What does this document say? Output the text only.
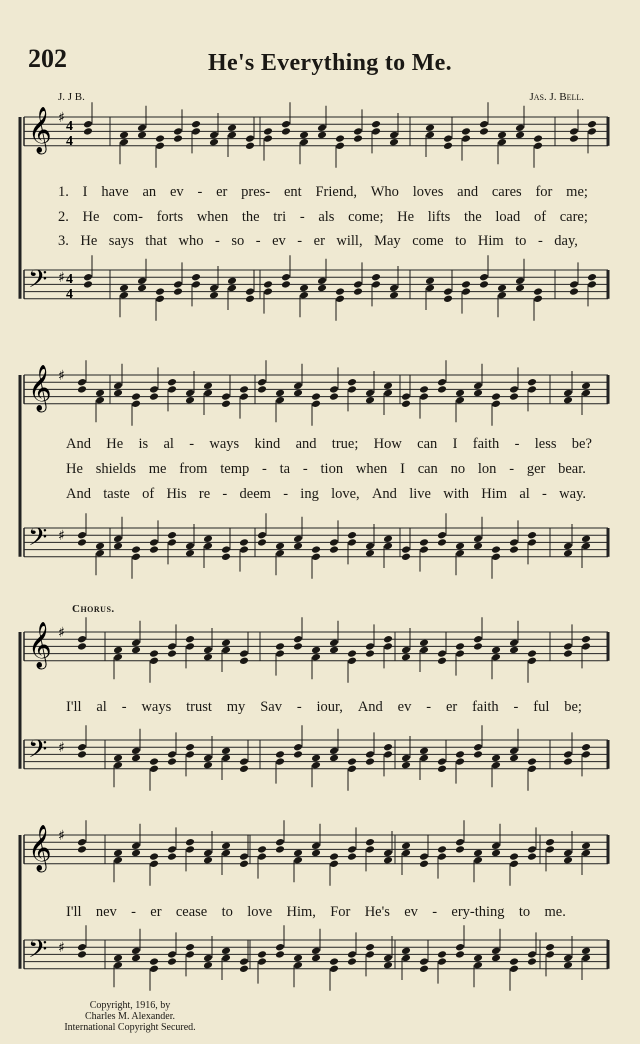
202	He's Everything to Me.
J. J B.	Jas. J. Bell.
𝄞 ♯
4
4
𝄢 ♯ 4
4
𝄞 ♯
𝄢 ♯
𝄞 ♯
𝄢 ♯
𝄞 ♯
𝄢 ♯
1. I have an ev - er pres- ent Friend, Who loves and cares for me;
2. He com- forts when the tri - als come; He lifts the load of care;
3. He says that who - so - ev - er will, May come to Him to - day,
And He is al - ways kind and true; How can I faith - less be?
He shields me from temp - ta - tion when I can no lon - ger bear.
And taste of His re - deem - ing love, And live with Him al - way.
Chorus.
I'll al - ways trust my Sav - iour, And ev - er faith - ful be;
I'll nev - er cease to love Him, For He's ev - ery-thing to me.
Copyright, 1916, by
Charles M. Alexander.
International Copyright Secured.
